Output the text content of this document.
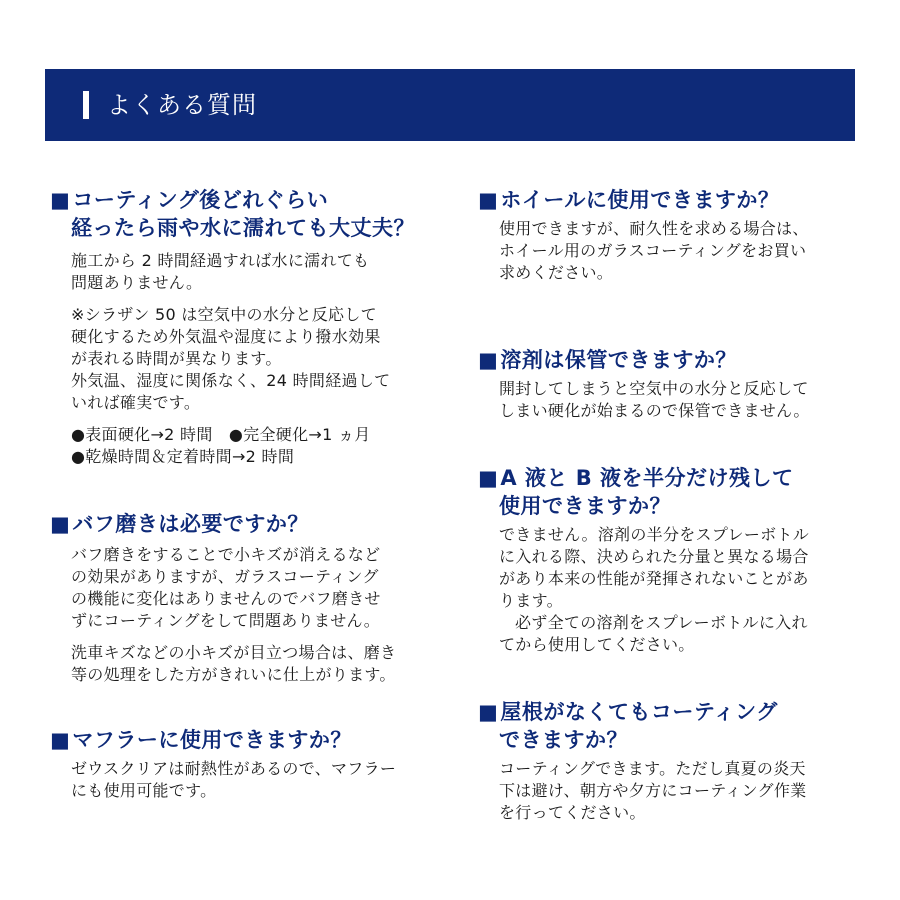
よくある質問
■コーティング後どれぐらい
経ったら雨や水に濡れても大丈夫？
施工から 2 時間経過すれば水に濡れても
問題ありません。
※シラザン 50 は空気中の水分と反応して
硬化するため外気温や湿度により撥水効果
が表れる時間が異なります。
外気温、湿度に関係なく、24 時間経過して
いれば確実です。
●表面硬化→2 時間　●完全硬化→1 ヵ月
●乾燥時間＆定着時間→2 時間
■バフ磨きは必要ですか？
バフ磨きをすることで小キズが消えるなど
の効果がありますが、ガラスコーティング
の機能に変化はありませんのでバフ磨きせ
ずにコーティングをして問題ありません。
洗車キズなどの小キズが目立つ場合は、磨き
等の処理をした方がきれいに仕上がります。
■マフラーに使用できますか？
ゼウスクリアは耐熱性があるので、マフラー
にも使用可能です。
■ホイールに使用できますか？
使用できますが、耐久性を求める場合は、
ホイール用のガラスコーティングをお買い
求めください。
■溶剤は保管できますか？
開封してしまうと空気中の水分と反応して
しまい硬化が始まるので保管できません。
■A 液と B 液を半分だけ残して
使用できますか？
できません。溶剤の半分をスプレーボトル
に入れる際、決められた分量と異なる場合
があり本来の性能が発揮されないことがあ
ります。
必ず全ての溶剤をスプレーボトルに入れ
てから使用してください。
■屋根がなくてもコーティング
できますか？
コーティングできます。ただし真夏の炎天
下は避け、朝方や夕方にコーティング作業
を行ってください。
